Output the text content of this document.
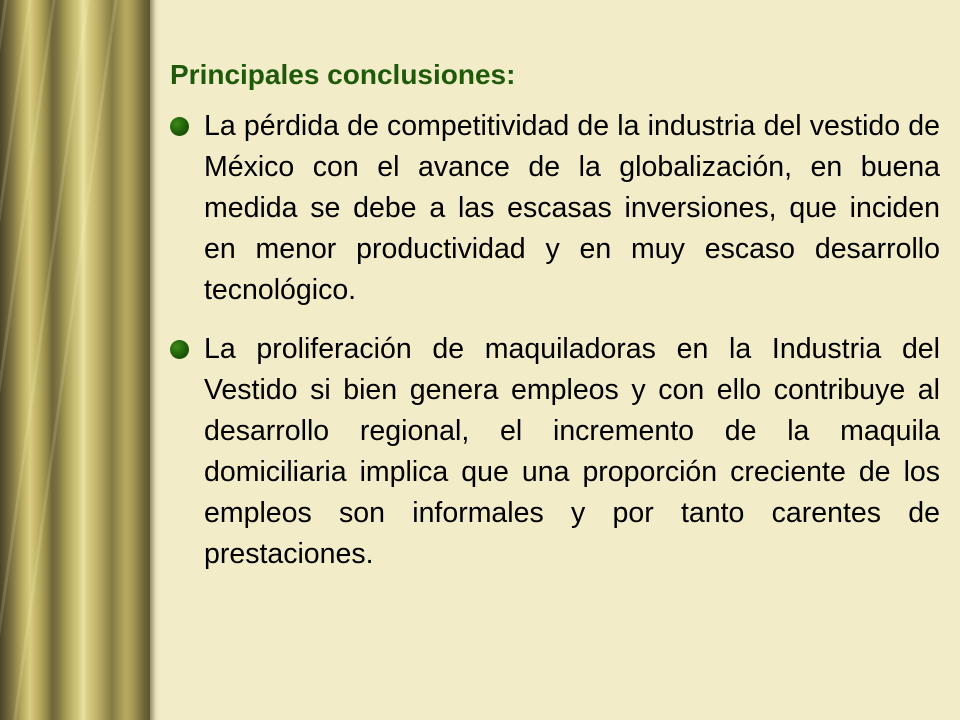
Principales conclusiones:
La pérdida de competitividad de la industria del vestido de México con el avance de la globalización, en buena medida se debe a las escasas inversiones, que inciden en menor productividad y en muy escaso desarrollo tecnológico.
La proliferación de maquiladoras en la Industria del Vestido si bien genera empleos y con ello contribuye al desarrollo regional, el incremento de la maquila domiciliaria implica que una proporción creciente de los empleos son informales y por tanto carentes de prestaciones.
